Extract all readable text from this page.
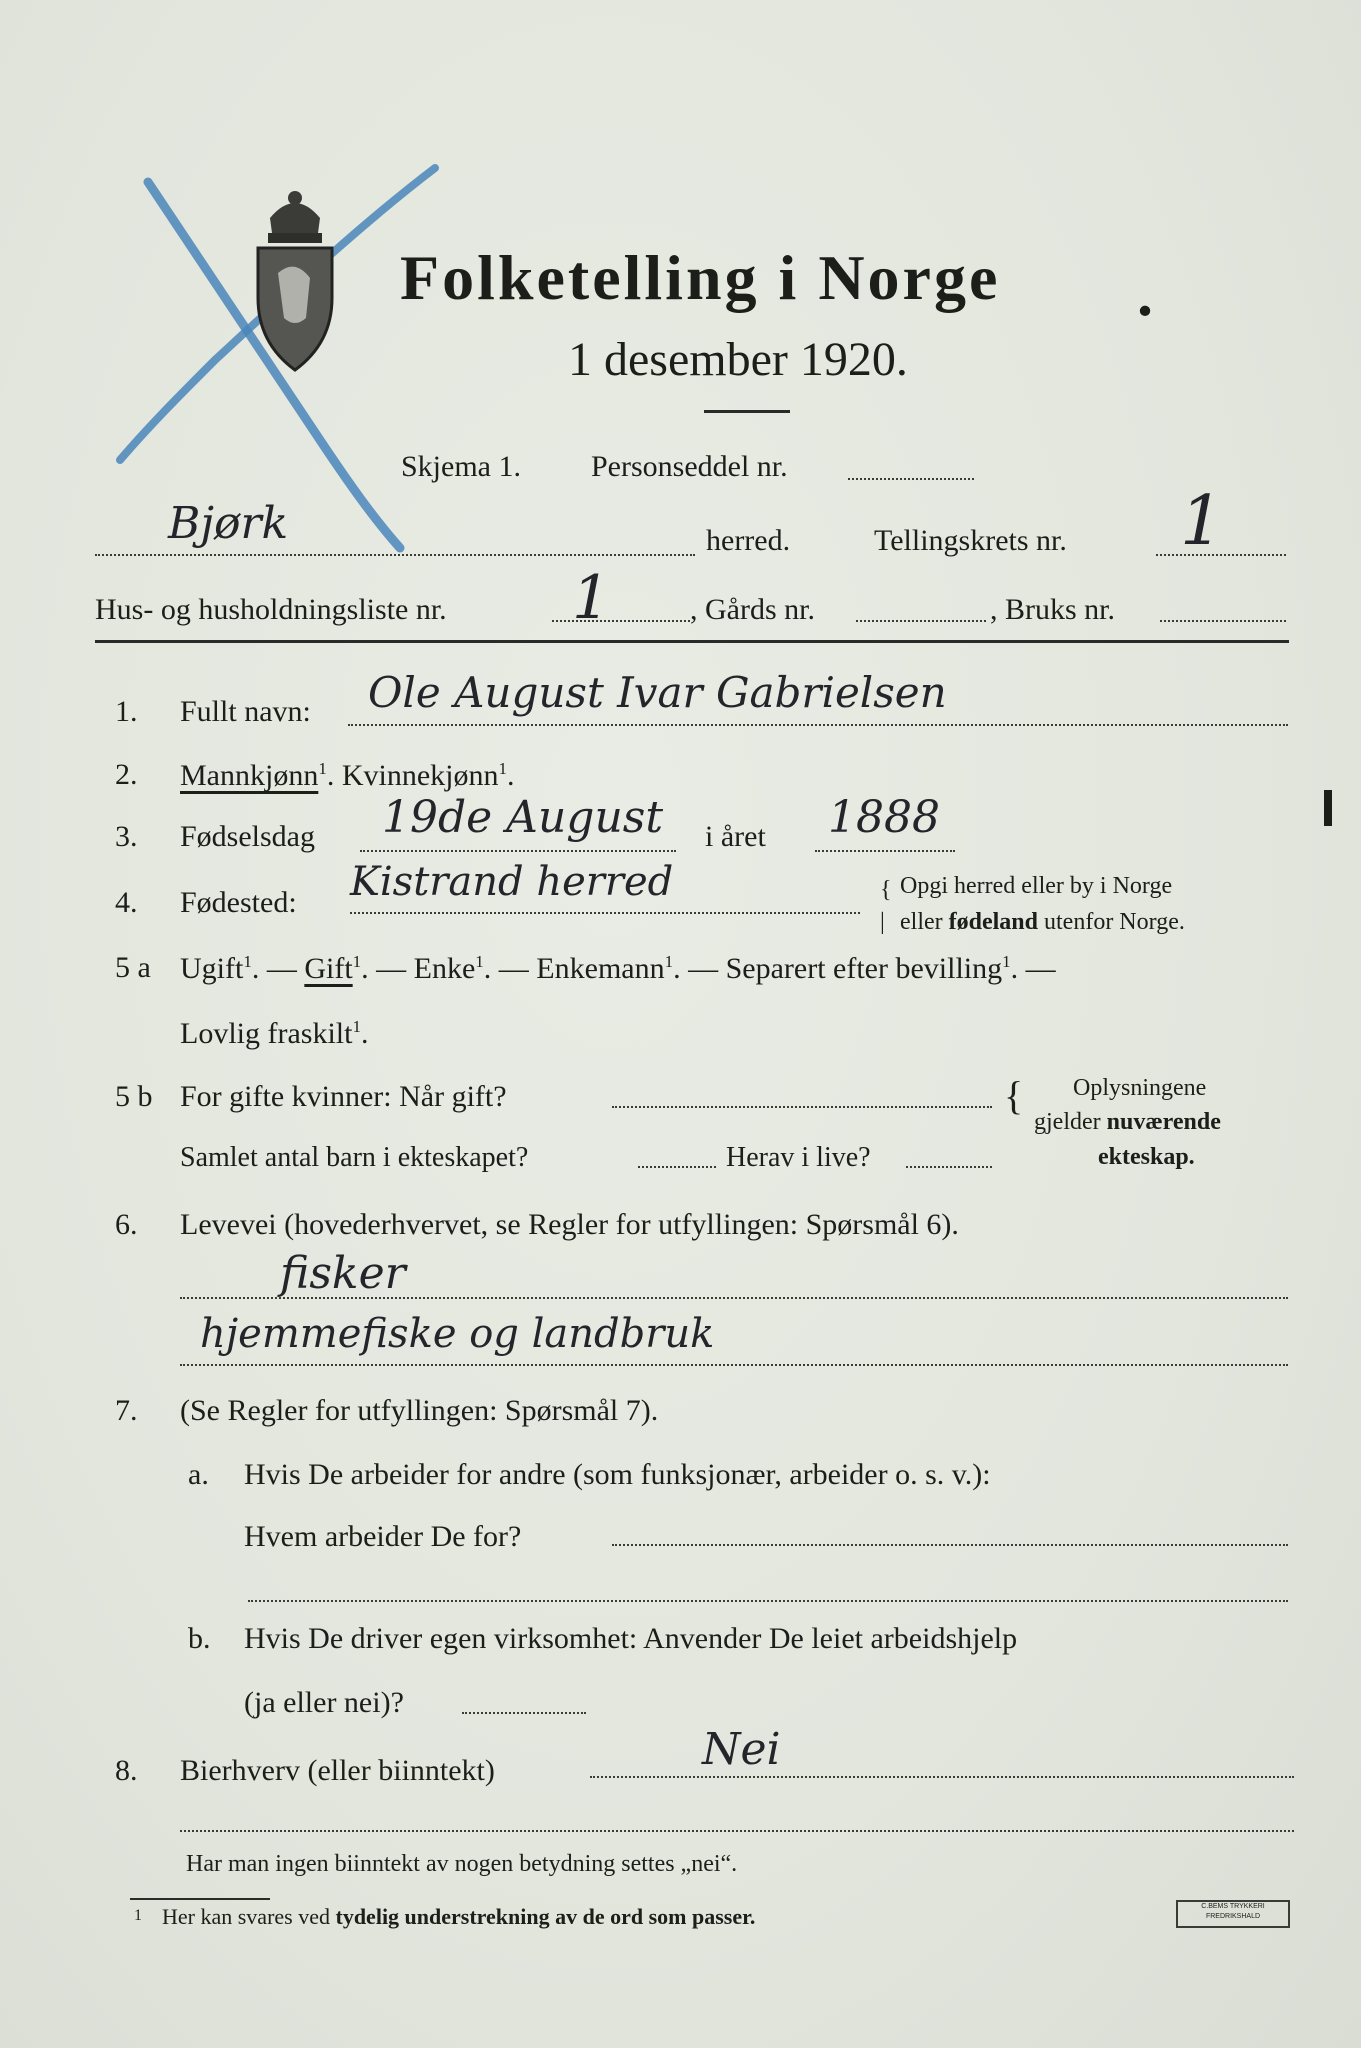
Folketelling i Norge .
1 desember 1920.
Skjema 1. Personseddel nr.
Bjørk	herred.	Tellingskrets nr. 1
Hus- og husholdningsliste nr. 1	, Gårds nr.	, Bruks nr.
1. Fullt navn: Ole August Ivar Gabrielsen
2. Mannkjønn$^1$. Kvinnekjønn$^1$.
3. Fødselsdag 19de August i året 1888
4. Fødested: Kistrand herred	{
|
Opgi herred eller by i Norge
eller fødeland utenfor Norge.
5 a Ugift$^1$. — Gift$^1$. — Enke$^1$. — Enkemann$^1$. — Separert efter bevilling$^1$. —
Lovlig fraskilt$^1$.
5 b For gifte kvinner: Når gift?
Samlet antal barn i ekteskapet?	Herav i live?
{ Oplysningene
gjelder nuværende
ekteskap.
6. Levevei (hovederhvervet, se Regler for utfyllingen: Spørsmål 6).
fisker
hjemmefiske og landbruk
7. (Se Regler for utfyllingen: Spørsmål 7).
a. Hvis De arbeider for andre (som funksjonær, arbeider o. s. v.):
Hvem arbeider De for?
b. Hvis De driver egen virksomhet: Anvender De leiet arbeidshjelp
(ja eller nei)?
8. Bierhverv (eller biinntekt)	Nei
Har man ingen biinntekt av nogen betydning settes „nei“.
1 Her kan svares ved tydelig understrekning av de ord som passer.	C.BEMS TRYKKERI
FREDRIKSHALD
